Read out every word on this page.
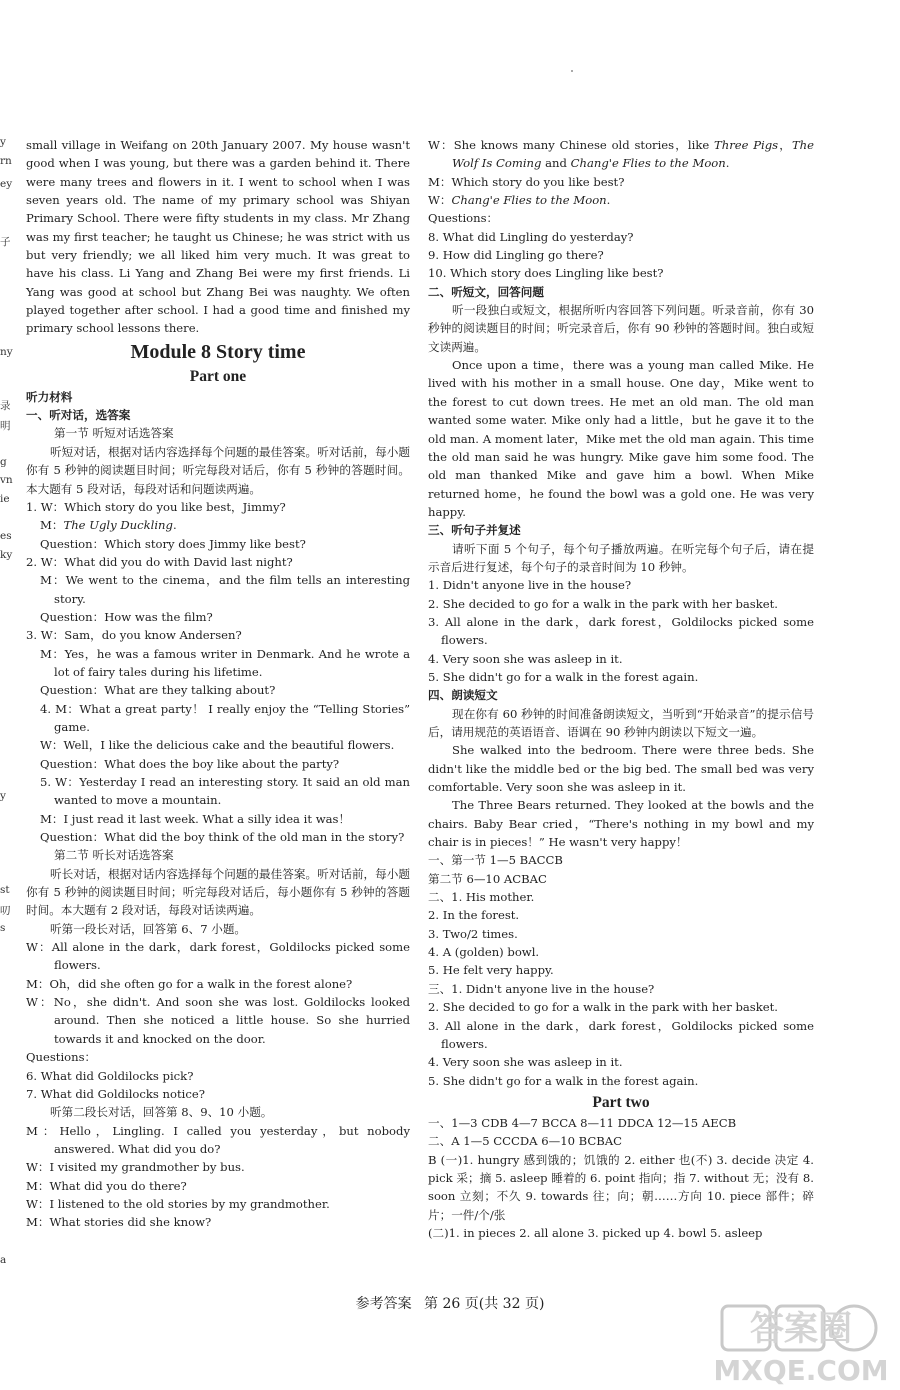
y
rn
ey
子
ny
录
明
g
vn
ie
es
ky
y
st
叨
s
a

small village in Weifang on 20th January 2007. My house wasn't good when I was young, but there was a garden behind it. There were many trees and flowers in it. I went to school when I was seven years old. The name of my primary school was Shiyan Primary School. There were fifty students in my class. Mr Zhang was my first teacher; he taught us Chinese; he was strict with us but very friendly; we all liked him very much. It was great to have his class. Li Yang and Zhang Bei were my first friends. Li Yang was good at school but Zhang Bei was naughty. We often played together after school. I had a good time and finished my primary school lessons there.

Module 8 Story time

Part one

听力材料

一、听对话，选答案

第一节 听短对话选答案

听短对话，根据对话内容选择每个问题的最佳答案。听对话前，每小题你有 5 秒钟的阅读题目时间；听完每段对话后，你有 5 秒钟的答题时间。本大题有 5 段对话，每段对话和问题读两遍。

1. W：Which story do you like best，Jimmy?

M：The Ugly Duckling.

Question：Which story does Jimmy like best?

2. W：What did you do with David last night?

M：We went to the cinema，and the film tells an interesting story.

Question：How was the film?

3. W：Sam，do you know Andersen?

M：Yes，he was a famous writer in Denmark. And he wrote a lot of fairy tales during his lifetime.

Question：What are they talking about?

4. M：What a great party！ I really enjoy the “Telling Stories” game.

W：Well，I like the delicious cake and the beautiful flowers.

Question：What does the boy like about the party?

5. W：Yesterday I read an interesting story. It said an old man wanted to move a mountain.

M：I just read it last week. What a silly idea it was！

Question：What did the boy think of the old man in the story?

第二节 听长对话选答案

听长对话，根据对话内容选择每个问题的最佳答案。听对话前，每小题你有 5 秒钟的阅读题目时间；听完每段对话后，每小题你有 5 秒钟的答题时间。本大题有 2 段对话，每段对话读两遍。

听第一段长对话，回答第 6、7 小题。

W：All alone in the dark，dark forest，Goldilocks picked some flowers.

M：Oh，did she often go for a walk in the forest alone?

W：No，she didn't. And soon she was lost. Goldilocks looked around. Then she noticed a little house. So she hurried towards it and knocked on the door.

Questions：

6. What did Goldilocks pick?

7. What did Goldilocks notice?

听第二段长对话，回答第 8、9、10 小题。

M：Hello，Lingling. I called you yesterday，but nobody answered. What did you do?

W：I visited my grandmother by bus.

M：What did you do there?

W：I listened to the old stories by my grandmother.

M：What stories did she know?

W：She knows many Chinese old stories，like Three Pigs，The Wolf Is Coming and Chang'e Flies to the Moon.

M：Which story do you like best?

W：Chang'e Flies to the Moon.

Questions：

8. What did Lingling do yesterday?

9. How did Lingling go there?

10. Which story does Lingling like best?

二、听短文，回答问题

听一段独白或短文，根据所听内容回答下列问题。听录音前，你有 30 秒钟的阅读题目的时间；听完录音后，你有 90 秒钟的答题时间。独白或短文读两遍。

Once upon a time，there was a young man called Mike. He lived with his mother in a small house. One day，Mike went to the forest to cut down trees. He met an old man. The old man wanted some water. Mike only had a little，but he gave it to the old man. A moment later，Mike met the old man again. This time the old man said he was hungry. Mike gave him some food. The old man thanked Mike and gave him a bowl. When Mike returned home，he found the bowl was a gold one. He was very happy.

三、听句子并复述

请听下面 5 个句子，每个句子播放两遍。在听完每个句子后，请在提示音后进行复述，每个句子的录音时间为 10 秒钟。

1. Didn't anyone live in the house?

2. She decided to go for a walk in the park with her basket.

3. All alone in the dark，dark forest，Goldilocks picked some flowers.

4. Very soon she was asleep in it.

5. She didn't go for a walk in the forest again.

四、朗读短文

现在你有 60 秒钟的时间准备朗读短文，当听到“开始录音”的提示信号后，请用规范的英语语音、语调在 90 秒钟内朗读以下短文一遍。

She walked into the bedroom. There were three beds. She didn't like the middle bed or the big bed. The small bed was very comfortable. Very soon she was asleep in it.

The Three Bears returned. They looked at the bowls and the chairs. Baby Bear cried，“There's nothing in my bowl and my chair is in pieces！” He wasn't very happy！

一、第一节 1—5 BACCB

第二节 6—10 ACBAC

二、1. His mother.

2. In the forest.

3. Two/2 times.

4. A (golden) bowl.

5. He felt very happy.

三、1. Didn't anyone live in the house?

2. She decided to go for a walk in the park with her basket.

3. All alone in the dark，dark forest，Goldilocks picked some flowers.

4. Very soon she was asleep in it.

5. She didn't go for a walk in the forest again.

Part two

一、1—3 CDB 4—7 BCCA 8—11 DDCA 12—15 AECB

二、A 1—5 CCCDA 6—10 BCBAC

B (一)1. hungry 感到饿的；饥饿的 2. either 也(不) 3. decide 决定 4. pick 采；摘 5. asleep 睡着的 6. point 指向；指 7. without 无；没有 8. soon 立刻；不久 9. towards 往；向；朝……方向 10. piece 部件；碎片；一件/个/张

(二)1. in pieces 2. all alone 3. picked up 4. bowl 5. asleep

参考答案 第 26 页(共 32 页)
答案圈
MXQE.COM
